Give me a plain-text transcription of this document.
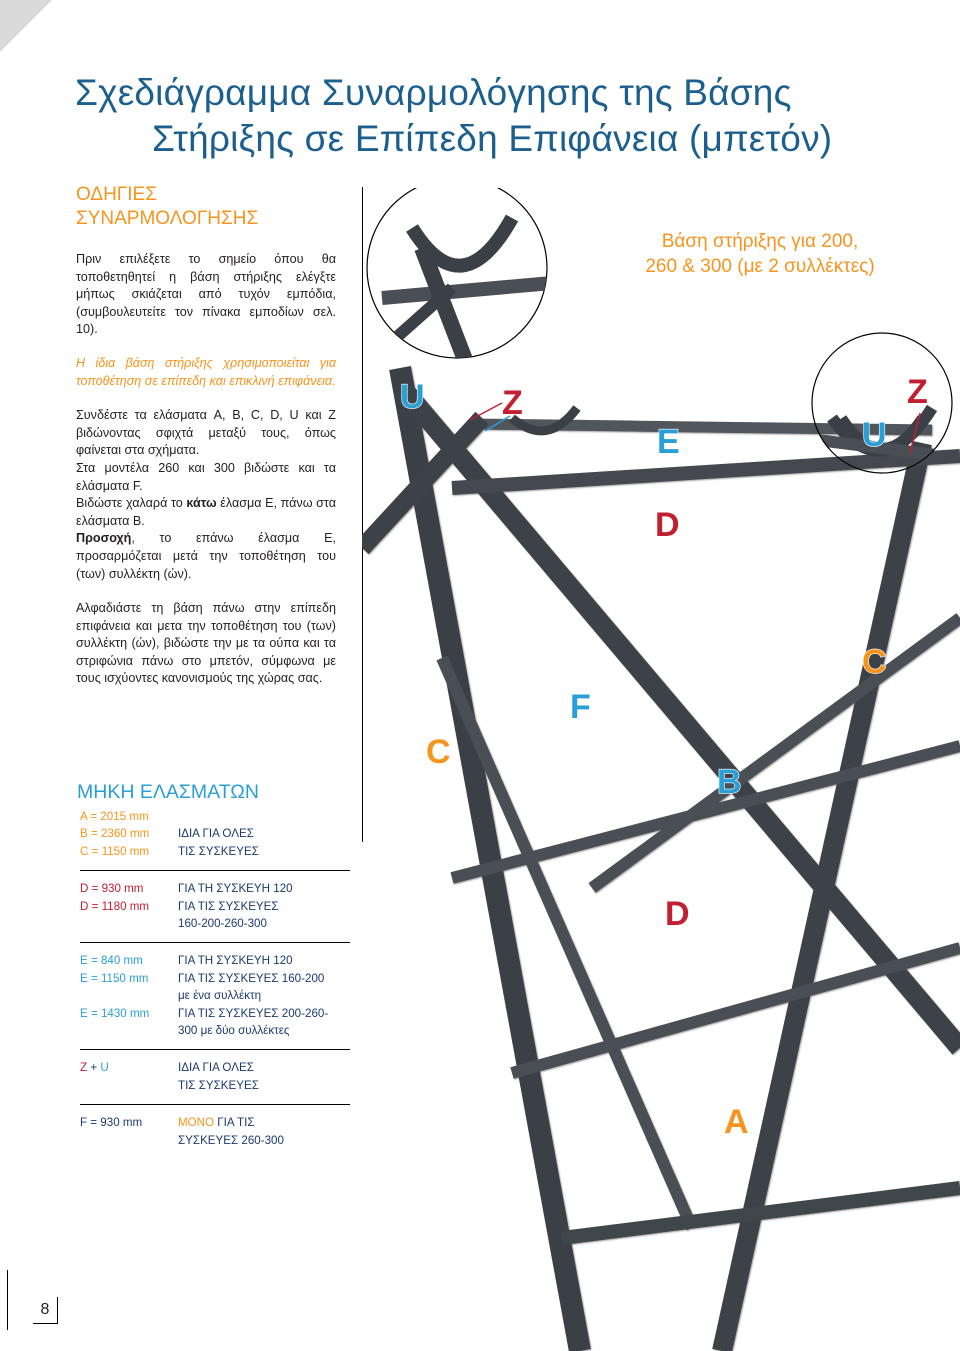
Σχεδιάγραμμα Συναρμολόγησης της Βάσης
Στήριξης σε Επίπεδη Επιφάνεια (μπετόν)
ΟΔΗΓΙΕΣ
ΣΥΝΑΡΜΟΛΟΓΗΣΗΣ

Πριν επιλέξετε το σημείο όπου θα τοποθετηθητεί η βάση στήριξης ελέγξτε μήπως σκιάζεται από τυχόν εμπόδια, (συμβουλευτείτε τον πίνακα εμποδίων σελ. 10).

Η ίδια βάση στήριξης χρησιμοποιείται για τοποθέτηση σε επίπεδη και επικλινή επιφάνεια.

Συνδέστε τα ελάσματα A, B, C, D, U και Z βιδώνοντας σφιχτά μεταξύ τους, όπως φαίνεται στα σχήματα.

Στα μοντέλα 260 και 300 βιδώστε και τα ελάσματα F.

Βιδώστε χαλαρά το κάτω έλασμα E, πάνω στα ελάσματα B.

Προσοχή, το επάνω έλασμα E, προσαρμόζεται μετά την τοποθέτηση του (των) συλλέκτη (ών).

Αλφαδιάστε τη βάση πάνω στην επίπεδη επιφάνεια και μετα την τοποθέτηση του (των) συλλέκτη (ών), βιδώστε την με τα ούπα και τα στριφώνια πάνω στο μπετόν, σύμφωνα με τους ισχύοντες κανονισμούς της χώρας σας.

Βάση στήριξης για 200,
260 & 300 (με 2 συλλέκτες)
U Z	Z
E	U
D
C
F
C
B
D
A
ΜΗΚΗ ΕΛΑΣΜΑΤΩΝ
A = 2015 mm	
B = 2360 mm	ΙΔΙΑ ΓΙΑ ΟΛΕΣ
C = 1150 mm	ΤΙΣ ΣΥΣΚΕΥΕΣ
D = 930 mm	ΓΙΑ ΤΗ ΣΥΣΚΕΥΗ 120
D = 1180 mm	ΓΙΑ ΤΙΣ ΣΥΣΚΕΥΕΣ
	160-200-260-300
E = 840 mm	ΓΙΑ ΤΗ ΣΥΣΚΕΥΗ 120
E = 1150 mm	ΓΙΑ ΤΙΣ ΣΥΣΚΕΥΕΣ 160-200
	με ένα συλλέκτη
E = 1430 mm	ΓΙΑ ΤΙΣ ΣΥΣΚΕΥΕΣ 200-260-
	300 με δύο συλλέκτες
Z + U	ΙΔΙΑ ΓΙΑ ΟΛΕΣ
	ΤΙΣ ΣΥΣΚΕΥΕΣ
F = 930 mm	ΜΟΝΟ ΓΙΑ ΤΙΣ
	ΣΥΣΚΕΥΕΣ 260-300
8
